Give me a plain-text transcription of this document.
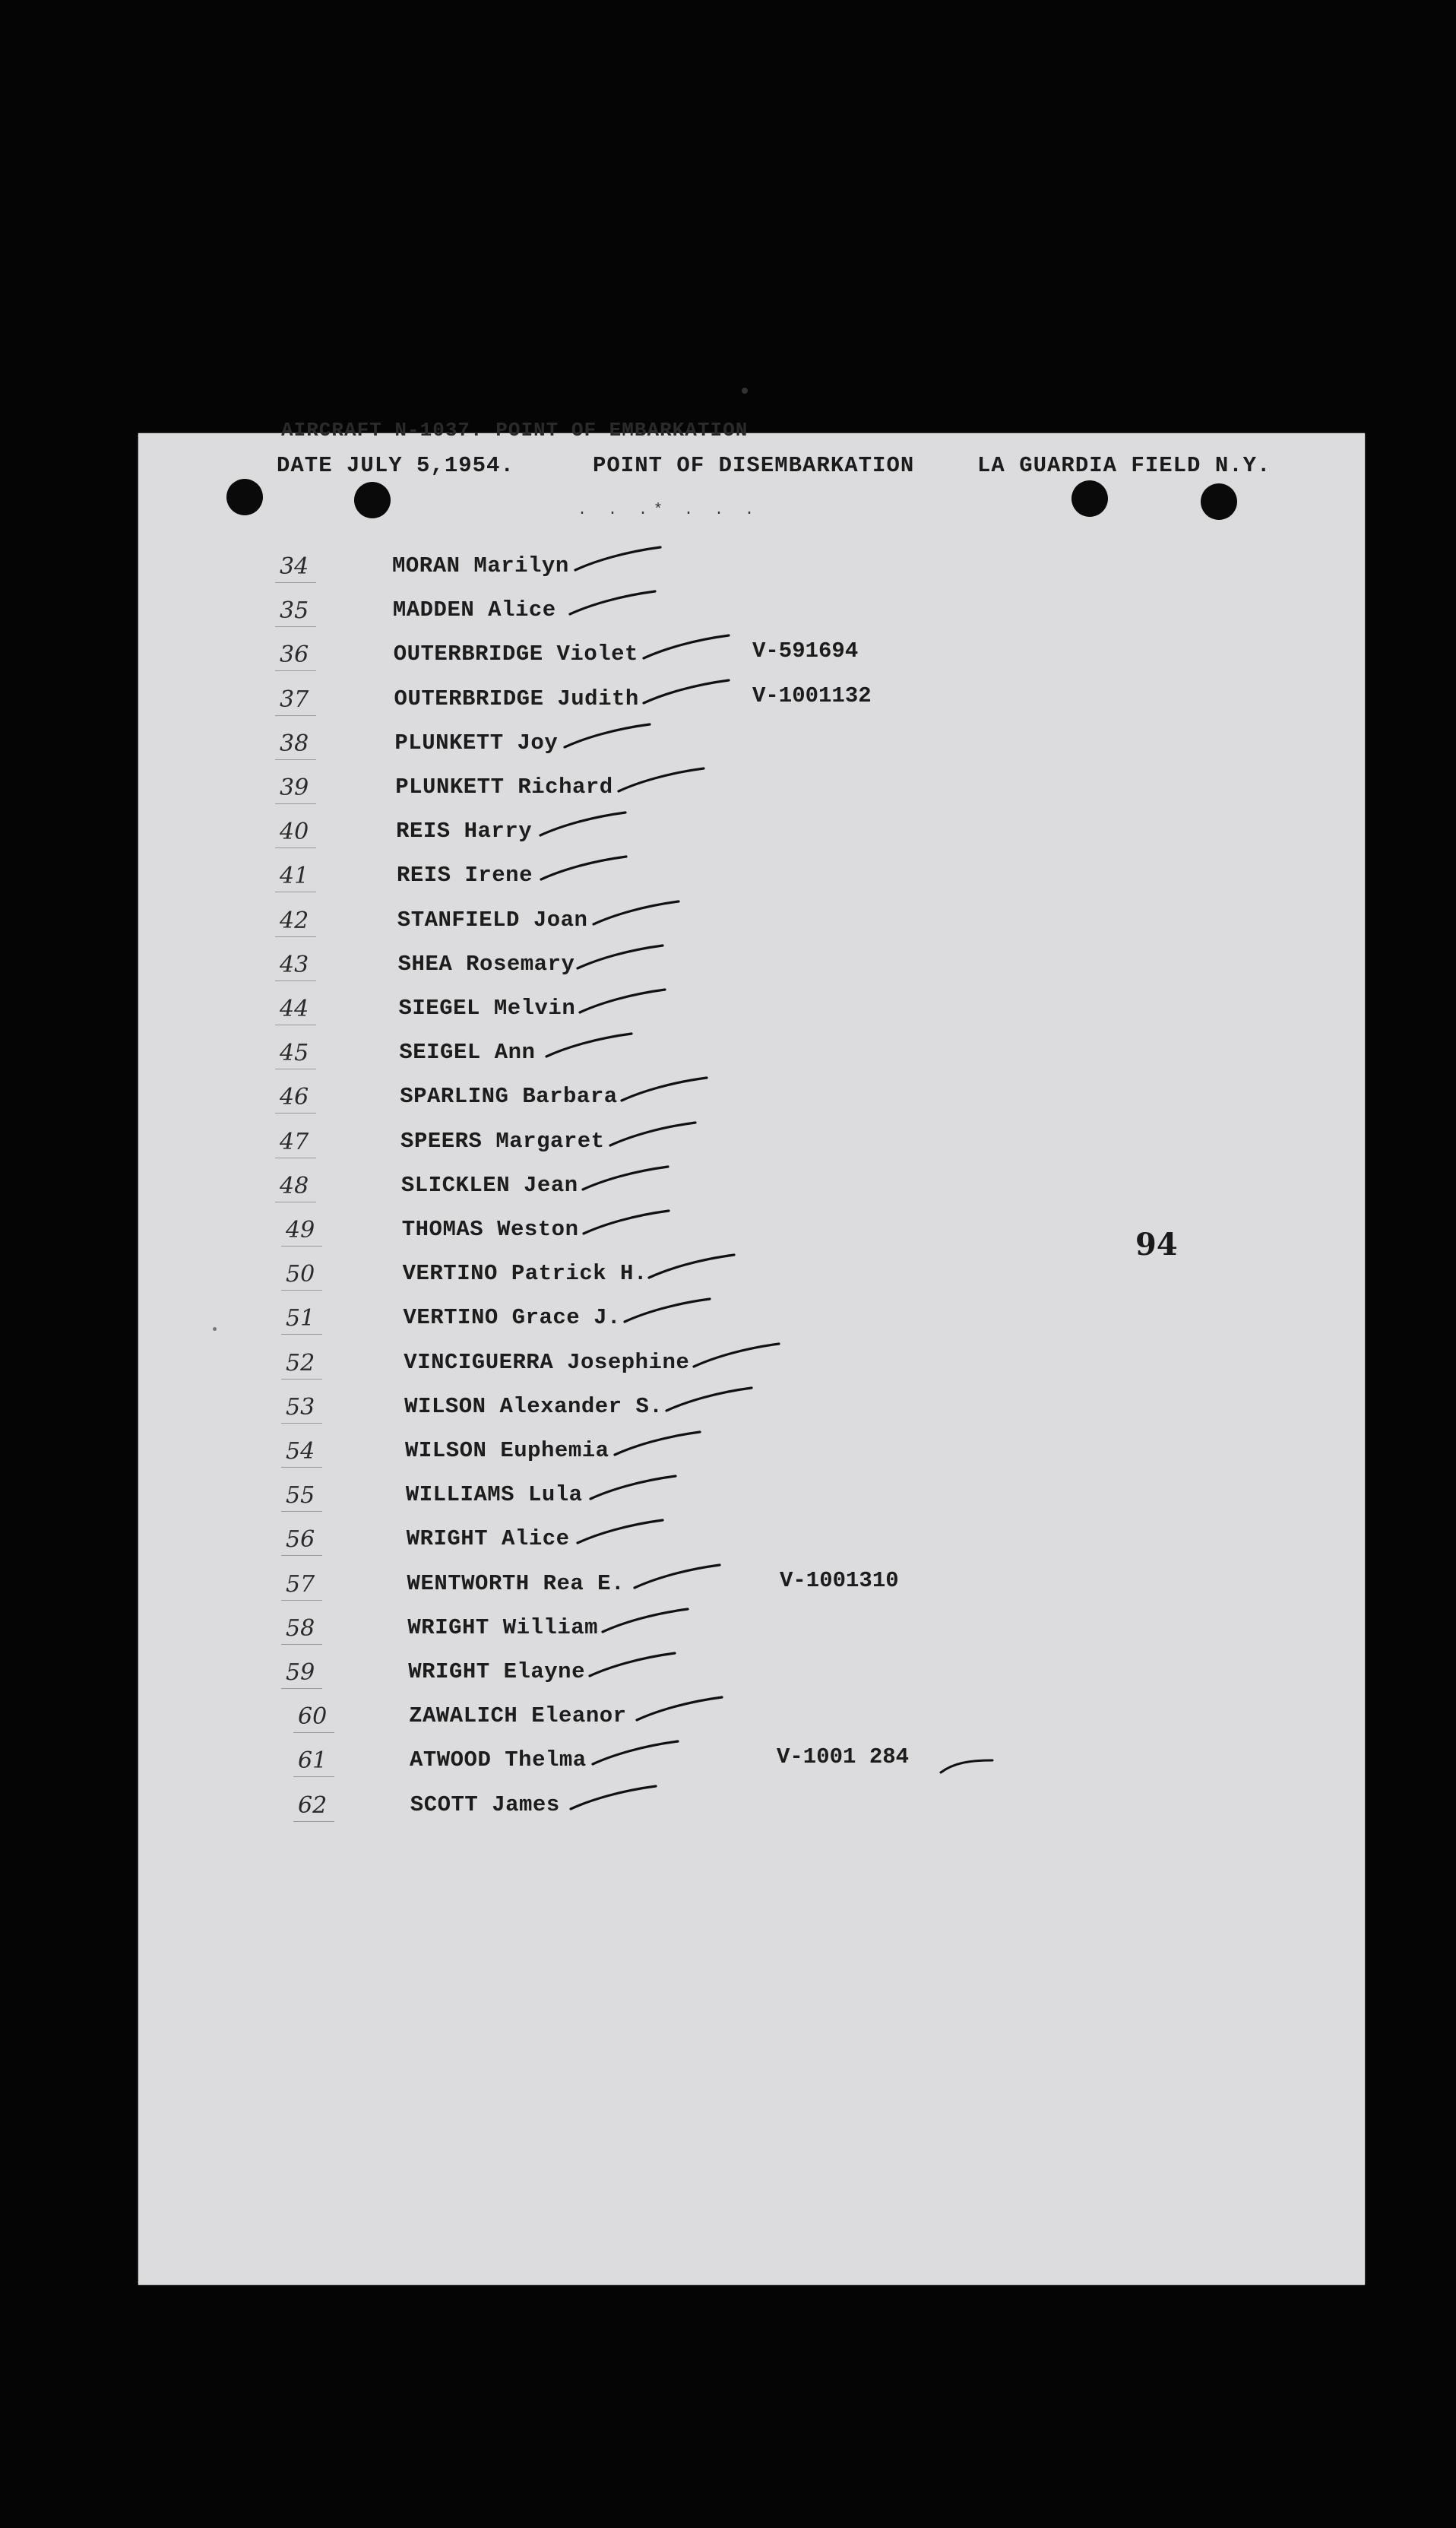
AIRCRAFT N-1037. POINT OF EMBARKATION
DATE JULY 5,1954.	POINT OF DISEMBARKATION	LA GUARDIA FIELD N.Y.
. . .* . . .
34	MORAN Marilyn
35	MADDEN Alice
36	OUTERBRIDGE Violet	V-591694
37	OUTERBRIDGE Judith	V-1001132
38	PLUNKETT Joy
39	PLUNKETT Richard
40	REIS Harry
41	REIS Irene
42	STANFIELD Joan
43	SHEA Rosemary
44	SIEGEL Melvin
45	SEIGEL Ann
46	SPARLING Barbara
47	SPEERS Margaret
48	SLICKLEN Jean
49	THOMAS Weston
50	VERTINO Patrick H.
51	VERTINO Grace J.
52	VINCIGUERRA Josephine
53	WILSON Alexander S.
54	WILSON Euphemia
55	WILLIAMS Lula
56	WRIGHT Alice
57	WENTWORTH Rea E.	V-1001310
58	WRIGHT William
59	WRIGHT Elayne
60	ZAWALICH Eleanor
61	ATWOOD Thelma	V-1001 284
62	SCOTT James
94
